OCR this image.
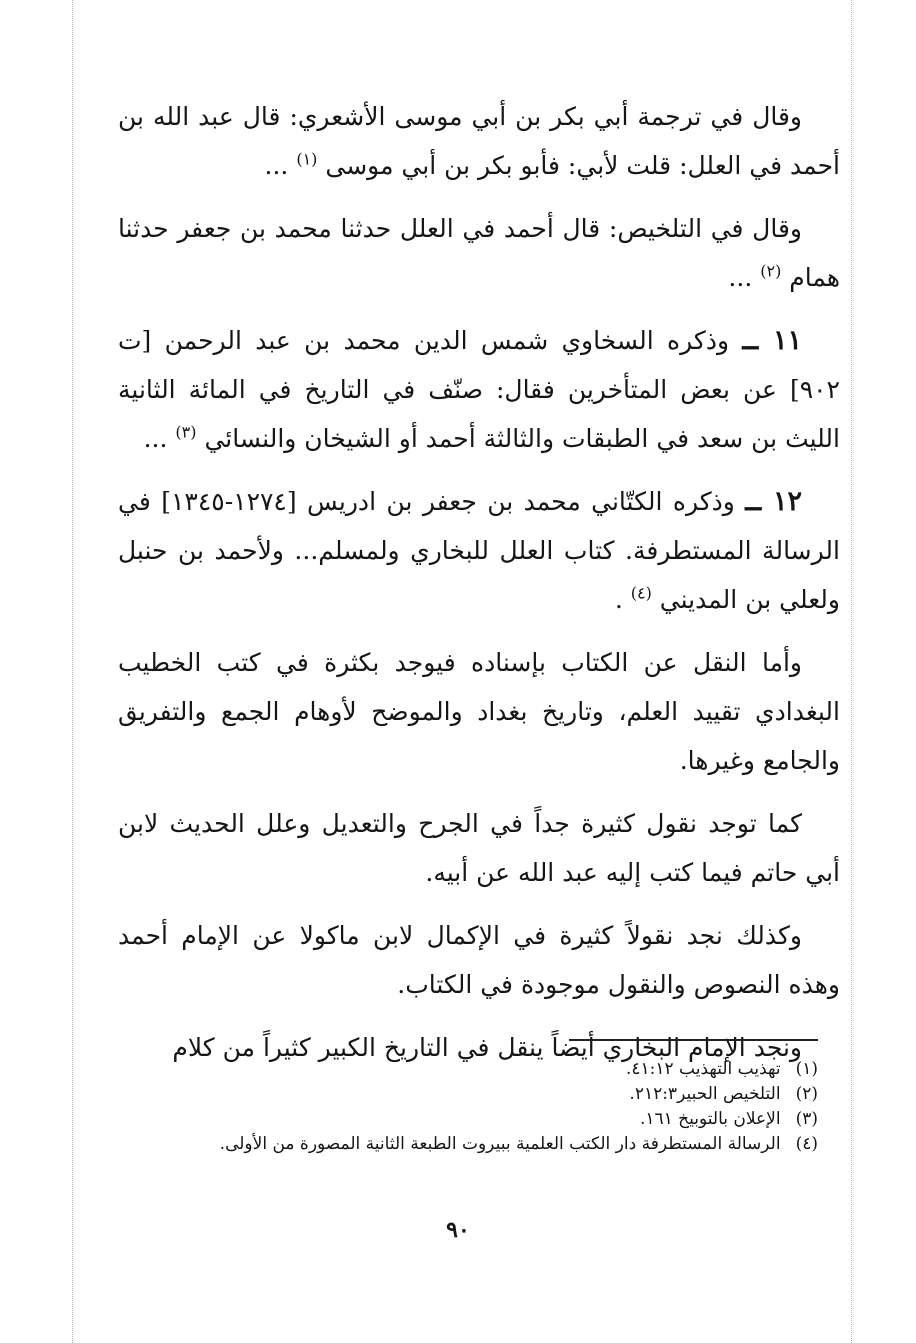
وقال في ترجمة أبي بكر بن أبي موسى الأشعري: قال عبد الله بن أحمد في العلل: قلت لأبي: فأبو بكر بن أبي موسى $^{(١)}$ ...

وقال في التلخيص: قال أحمد في العلل حدثنا محمد بن جعفر حدثنا همام $^{(٢)}$ ...

١١ ــ وذكره السخاوي شمس الدين محمد بن عبد الرحمن [ت ٩٠٢] عن بعض المتأخرين فقال: صنّف في التاريخ في المائة الثانية الليث بن سعد في الطبقات والثالثة أحمد أو الشيخان والنسائي $^{(٣)}$ ...

١٢ ــ وذكره الكتّاني محمد بن جعفر بن ادريس [١٢٧٤-١٣٤٥] في الرسالة المستطرفة. كتاب العلل للبخاري ولمسلم... ولأحمد بن حنبل ولعلي بن المديني $^{(٤)}$ .

وأما النقل عن الكتاب بإسناده فيوجد بكثرة في كتب الخطيب البغدادي تقييد العلم، وتاريخ بغداد والموضح لأوهام الجمع والتفريق والجامع وغيرها.

كما توجد نقول كثيرة جداً في الجرح والتعديل وعلل الحديث لابن أبي حاتم فيما كتب إليه عبد الله عن أبيه.

وكذلك نجد نقولاً كثيرة في الإكمال لابن ماكولا عن الإمام أحمد وهذه النصوص والنقول موجودة في الكتاب.

ونجد الإمام البخاري أيضاً ينقل في التاريخ الكبير كثيراً من كلام

(١) تهذيب التهذيب ٤١:١٢.
(٢) التلخيص الحبير٢١٢:٣.
(٣) الإعلان بالتوبيخ ١٦١.
(٤) الرسالة المستطرفة دار الكتب العلمية ببيروت الطبعة الثانية المصورة من الأولى.
٩٠
